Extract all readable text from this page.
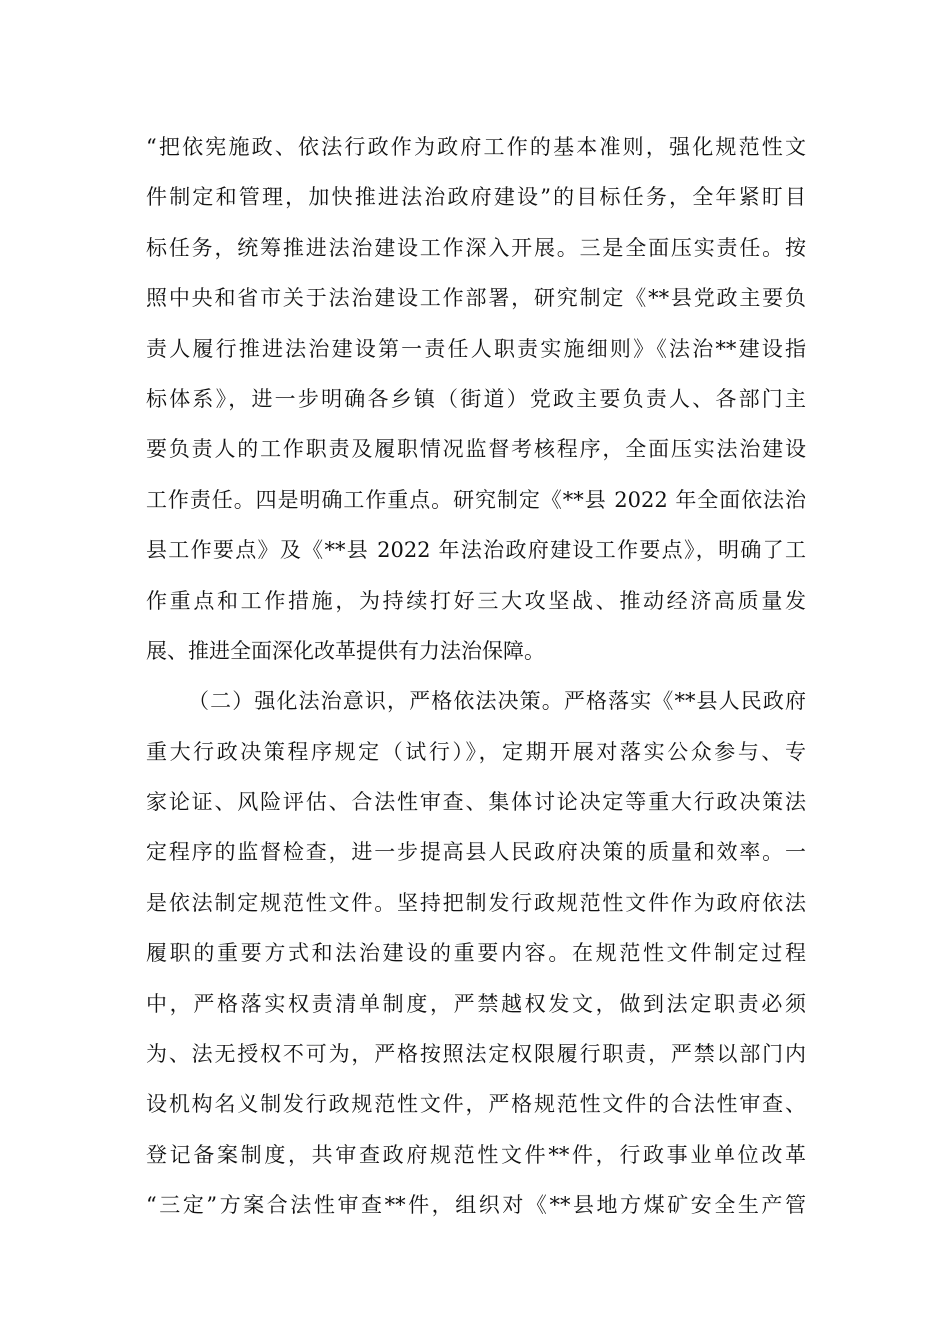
“把依宪施政、依法行政作为政府工作的基本准则，强化规范性文
件制定和管理，加快推进法治政府建设”的目标任务，全年紧盯目
标任务，统筹推进法治建设工作深入开展。三是全面压实责任。按
照中央和省市关于法治建设工作部署，研究制定《**县党政主要负
责人履行推进法治建设第一责任人职责实施细则》《法治**建设指
标体系》，进一步明确各乡镇（街道）党政主要负责人、各部门主
要负责人的工作职责及履职情况监督考核程序，全面压实法治建设
工作责任。四是明确工作重点。研究制定《**县 2022 年全面依法治
县工作要点》及《**县 2022 年法治政府建设工作要点》，明确了工
作重点和工作措施，为持续打好三大攻坚战、推动经济高质量发
展、推进全面深化改革提供有力法治保障。
（二）强化法治意识，严格依法决策。严格落实《**县人民政府
重大行政决策程序规定（试行）》，定期开展对落实公众参与、专
家论证、风险评估、合法性审查、集体讨论决定等重大行政决策法
定程序的监督检查，进一步提高县人民政府决策的质量和效率。一
是依法制定规范性文件。坚持把制发行政规范性文件作为政府依法
履职的重要方式和法治建设的重要内容。在规范性文件制定过程
中，严格落实权责清单制度，严禁越权发文，做到法定职责必须
为、法无授权不可为，严格按照法定权限履行职责，严禁以部门内
设机构名义制发行政规范性文件，严格规范性文件的合法性审查、
登记备案制度，共审查政府规范性文件**件，行政事业单位改革
“三定”方案合法性审查**件，组织对《**县地方煤矿安全生产管
